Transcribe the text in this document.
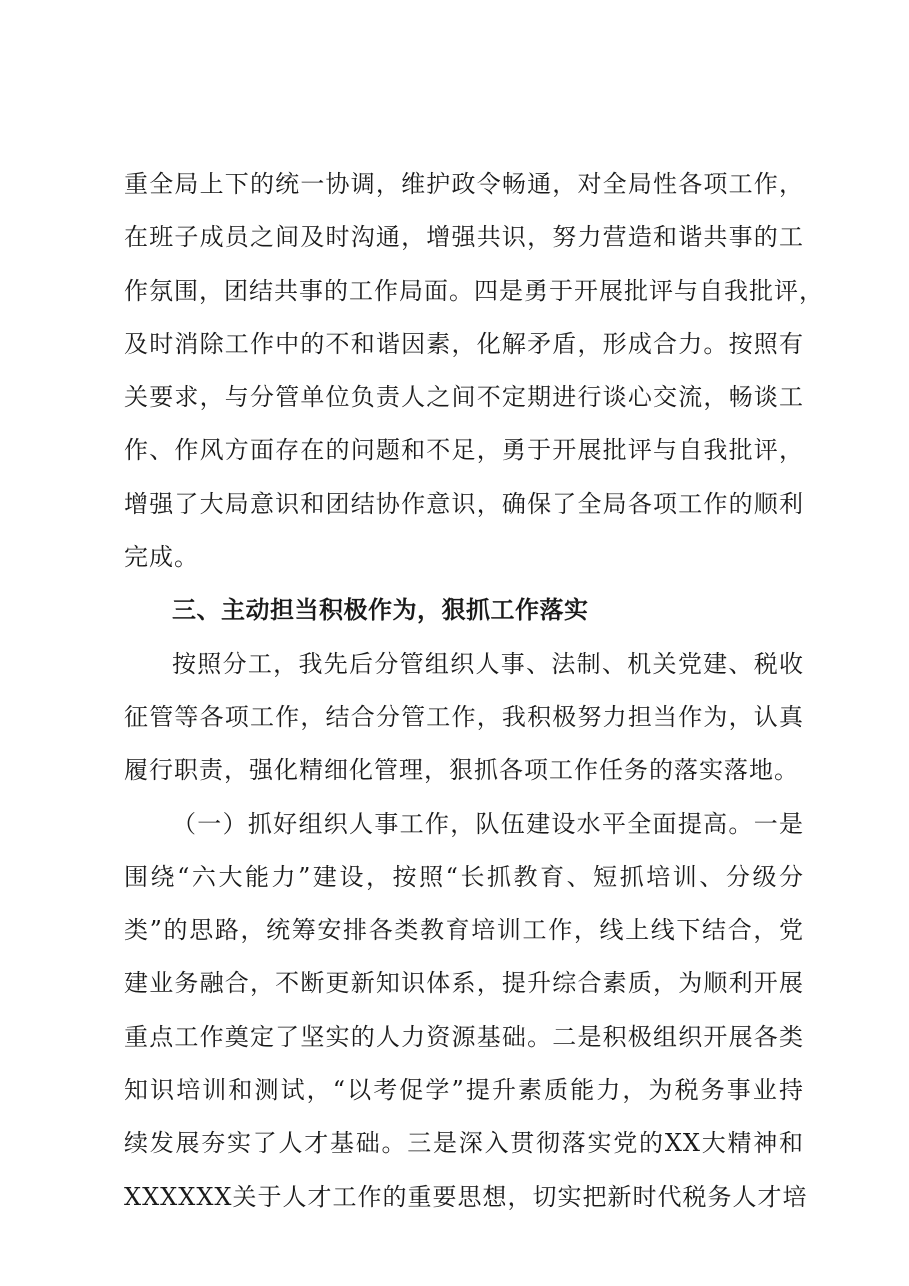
重全局上下的统一协调，维护政令畅通，对全局性各项工作，
在班子成员之间及时沟通，增强共识，努力营造和谐共事的工
作氛围，团结共事的工作局面。四是勇于开展批评与自我批评，
及时消除工作中的不和谐因素，化解矛盾，形成合力。按照有
关要求，与分管单位负责人之间不定期进行谈心交流，畅谈工
作、作风方面存在的问题和不足，勇于开展批评与自我批评，
增强了大局意识和团结协作意识，确保了全局各项工作的顺利
完成。
三、主动担当积极作为，狠抓工作落实
按照分工，我先后分管组织人事、法制、机关党建、税收
征管等各项工作，结合分管工作，我积极努力担当作为，认真
履行职责，强化精细化管理，狠抓各项工作任务的落实落地。
（一）抓好组织人事工作，队伍建设水平全面提高。一是
围绕“六大能力”建设，按照“长抓教育、短抓培训、分级分
类”的思路，统筹安排各类教育培训工作，线上线下结合，党
建业务融合，不断更新知识体系，提升综合素质，为顺利开展
重点工作奠定了坚实的人力资源基础。二是积极组织开展各类
知识培训和测试，“以考促学”提升素质能力，为税务事业持
续发展夯实了人才基础。三是深入贯彻落实党的XX大精神和
XXXXXX关于人才工作的重要思想，切实把新时代税务人才培
